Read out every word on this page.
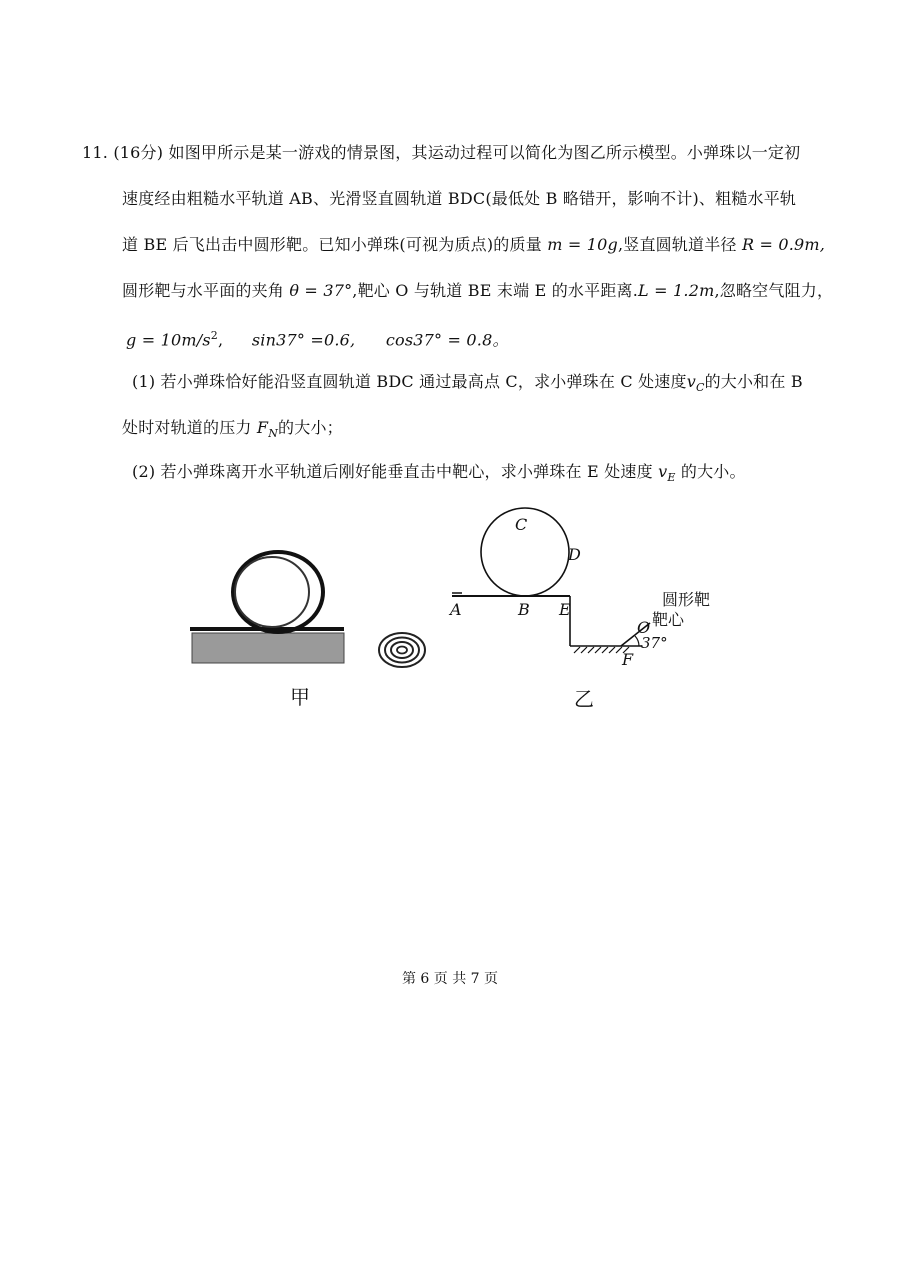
11. (16分) 如图甲所示是某一游戏的情景图，其运动过程可以简化为图乙所示模型。小弹珠以一定初
速度经由粗糙水平轨道 AB、光滑竖直圆轨道 BDC(最低处 B 略错开，影响不计)、粗糙水平轨
道 BE 后飞出击中圆形靶。已知小弹珠(可视为质点)的质量 m = 10g,竖直圆轨道半径 R = 0.9m,
圆形靶与水平面的夹角 θ = 37°,靶心 O 与轨道 BE 末端 E 的水平距离.L = 1.2m,忽略空气阻力，
$g = 10m/s^2$, sin37° =0.6, cos37° = 0.8。
(1) 若小弹珠恰好能沿竖直圆轨道 BDC 通过最高点 C，求小弹珠在 C 处速度$v_C$的大小和在 B
处时对轨道的压力 $F_N$的大小；
(2) 若小弹珠离开水平轨道后刚好能垂直击中靶心，求小弹珠在 E 处速度 $v_E$ 的大小。
C
D
A	B E
F
O
37°
圆形靶
靶心
甲	乙
第 6 页 共 7 页
